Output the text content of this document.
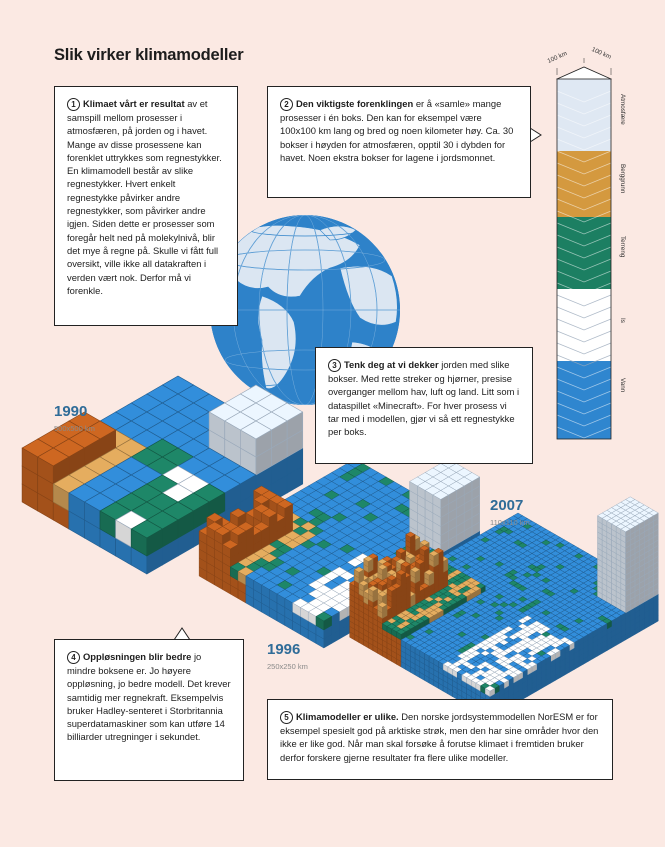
Slik virker klimamodeller	100 km	100 km
Atmosfære
Berggrunn
Terreng
Is
Vann
1 Klimaet vårt er resultat av et samspill mellom prosesser i atmosfæren, på jorden og i havet. Mange av disse prosessene kan forenklet uttrykkes som regnestykker. En klimamodell består av slike regnestykker. Hvert enkelt regnestykke påvirker andre regnestykker, som påvirker andre igjen. Siden dette er prosesser som foregår helt ned på molekylnivå, blir det mye å regne på. Skulle vi fått full oversikt, ville ikke all datakraften i verden vært nok. Derfor må vi forenkle.
2 Den viktigste forenklingen er å «samle» mange prosesser i én boks. Den kan for eksempel være 100x100 km lang og bred og noen kilometer høy. Ca. 30 bokser i høyden for atmosfæren, opptil 30 i dybden for havet. Noen ekstra bokser for lagene i jordsmonnet.
3 Tenk deg at vi dekker jorden med slike bokser. Med rette streker og hjørner, presise overganger mellom hav, luft og land. Litt som i dataspillet «Minecraft». For hver prosess vi tar med i modellen, gjør vi så ett regnestykke per boks.
4 Oppløsningen blir bedre jo mindre boksene er. Jo høyere oppløsning, jo bedre modell. Det krever samtidig mer regnekraft. Eksempelvis bruker Hadley-senteret i Storbritannia superdatamaskiner som kan utføre 14 billiarder utregninger i sekundet.
5 Klimamodeller er ulike. Den norske jordsystemmodellen NorESM er for eksempel spesielt god på arktiske strøk, men den har sine områder hvor den ikke er like god. Når man skal forsøke å forutse klimaet i fremtiden bruker derfor forskere gjerne resultater fra flere ulike modeller.
1990
500x500 km
1996
250x250 km
2007
110x110 km
